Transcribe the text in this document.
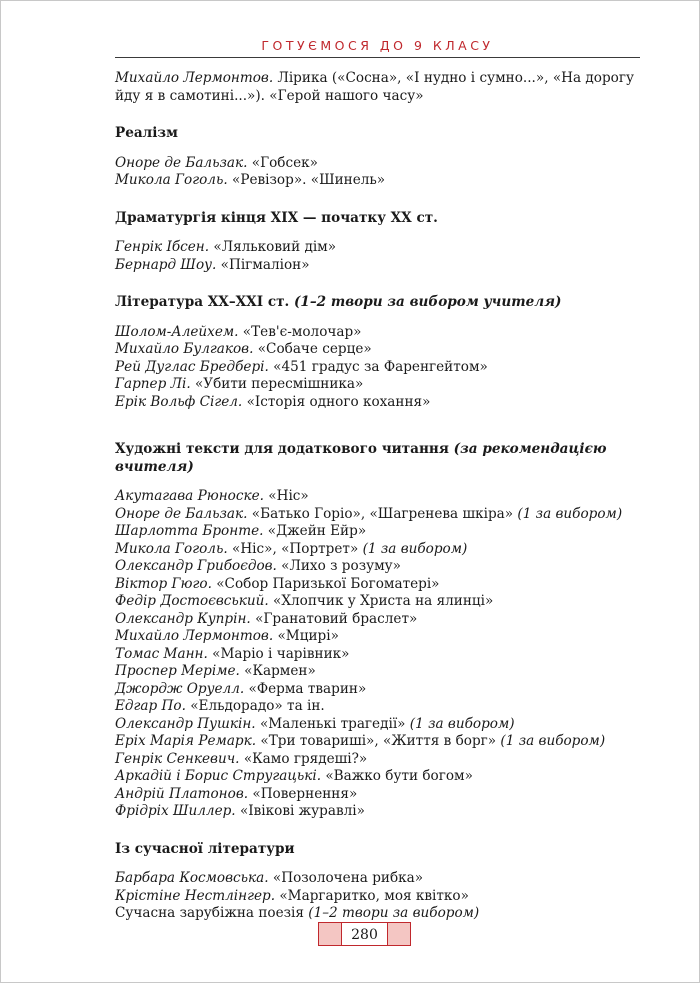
ГОТУЄМОСЯ ДО 9 КЛАСУ

Михайло Лермонтов. Лірика («Сосна», «І нудно і сумно...», «На дорогу йду я в самотині...»). «Герой нашого часу»

Реалізм

Оноре де Бальзак. «Гобсек»

Микола Гоголь. «Ревізор». «Шинель»

Драматургія кінця XIX — початку XX ст.

Генрік Ібсен. «Ляльковий дім»

Бернард Шоу. «Пігмаліон»

Література XX–XXI ст. (1–2 твори за вибором учителя)

Шолом-Алейхем. «Тев'є-молочар»

Михайло Булгаков. «Собаче серце»

Рей Дуглас Бредбері. «451 градус за Фаренгейтом»

Гарпер Лі. «Убити пересмішника»

Ерік Вольф Сігел. «Історія одного кохання»

Художні тексти для додаткового читання (за рекомендацією вчителя)

Акутагава Рюноске. «Ніс»

Оноре де Бальзак. «Батько Горіо», «Шагренева шкіра» (1 за вибором)

Шарлотта Бронте. «Джейн Ейр»

Микола Гоголь. «Ніс», «Портрет» (1 за вибором)

Олександр Грибоєдов. «Лихо з розуму»

Віктор Гюго. «Собор Паризької Богоматері»

Федір Достоєвський. «Хлопчик у Христа на ялинці»

Олександр Купрін. «Гранатовий браслет»

Михайло Лермонтов. «Мцирі»

Томас Манн. «Маріо і чарівник»

Проспер Меріме. «Кармен»

Джордж Оруелл. «Ферма тварин»

Едгар По. «Ельдорадо» та ін.

Олександр Пушкін. «Маленькі трагедії» (1 за вибором)

Еріх Марія Ремарк. «Три товариші», «Життя в борг» (1 за вибором)

Генрік Сенкевич. «Камо грядеші?»

Аркадій і Борис Стругацькі. «Важко бути богом»

Андрій Платонов. «Повернення»

Фрідріх Шиллер. «Івікові журавлі»

Із сучасної літератури

Барбара Космовська. «Позолочена рибка»

Крістіне Нестлінгер. «Маргаритко, моя квітко»

Сучасна зарубіжна поезія (1–2 твори за вибором)

280
